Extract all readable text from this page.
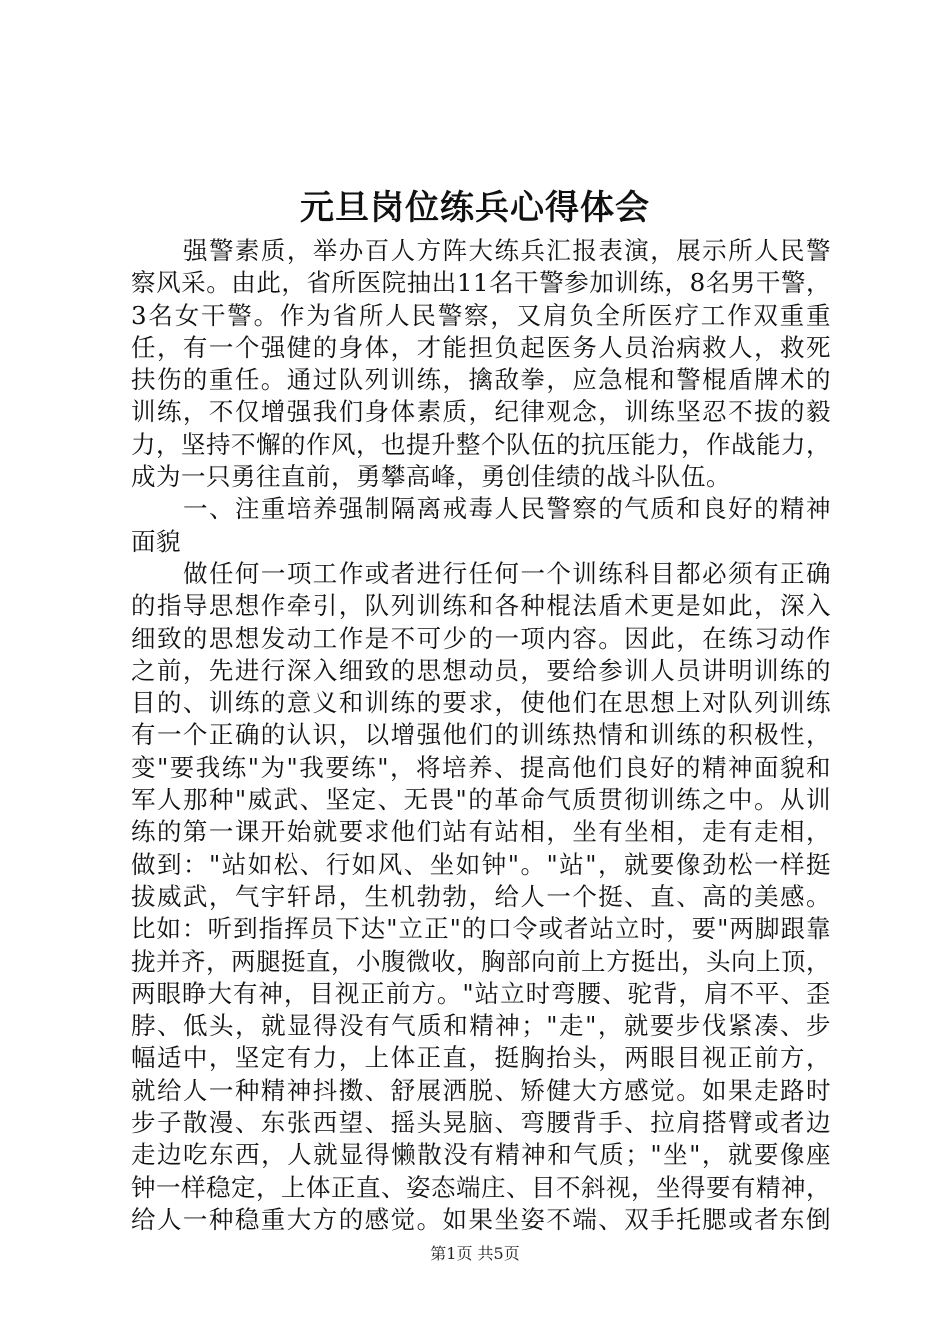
元旦岗位练兵心得体会
强警素质，举办百人方阵大练兵汇报表演，展示所人民警
察风采。由此，省所医院抽出11名干警参加训练，8名男干警，
3名女干警。作为省所人民警察，又肩负全所医疗工作双重重
任，有一个强健的身体，才能担负起医务人员治病救人，救死
扶伤的重任。通过队列训练，擒敌拳，应急棍和警棍盾牌术的
训练，不仅增强我们身体素质，纪律观念，训练坚忍不拔的毅
力，坚持不懈的作风，也提升整个队伍的抗压能力，作战能力，
成为一只勇往直前，勇攀高峰，勇创佳绩的战斗队伍。
一、注重培养强制隔离戒毒人民警察的气质和良好的精神
面貌
做任何一项工作或者进行任何一个训练科目都必须有正确
的指导思想作牵引，队列训练和各种棍法盾术更是如此，深入
细致的思想发动工作是不可少的一项内容。因此，在练习动作
之前，先进行深入细致的思想动员，要给参训人员讲明训练的
目的、训练的意义和训练的要求，使他们在思想上对队列训练
有一个正确的认识，以增强他们的训练热情和训练的积极性，
变"要我练"为"我要练"，将培养、提高他们良好的精神面貌和
军人那种"威武、坚定、无畏"的革命气质贯彻训练之中。从训
练的第一课开始就要求他们站有站相，坐有坐相，走有走相，
做到："站如松、行如风、坐如钟"。"站"，就要像劲松一样挺
拔威武，气宇轩昂，生机勃勃，给人一个挺、直、高的美感。
比如：听到指挥员下达"立正"的口令或者站立时，要"两脚跟靠
拢并齐，两腿挺直，小腹微收，胸部向前上方挺出，头向上顶，
两眼睁大有神，目视正前方。"站立时弯腰、驼背，肩不平、歪
脖、低头，就显得没有气质和精神；"走"，就要步伐紧凑、步
幅适中，坚定有力，上体正直，挺胸抬头，两眼目视正前方，
就给人一种精神抖擞、舒展洒脱、矫健大方感觉。如果走路时
步子散漫、东张西望、摇头晃脑、弯腰背手、拉肩搭臂或者边
走边吃东西，人就显得懒散没有精神和气质；"坐"，就要像座
钟一样稳定，上体正直、姿态端庄、目不斜视，坐得要有精神，
给人一种稳重大方的感觉。如果坐姿不端、双手托腮或者东倒
第1页 共5页
